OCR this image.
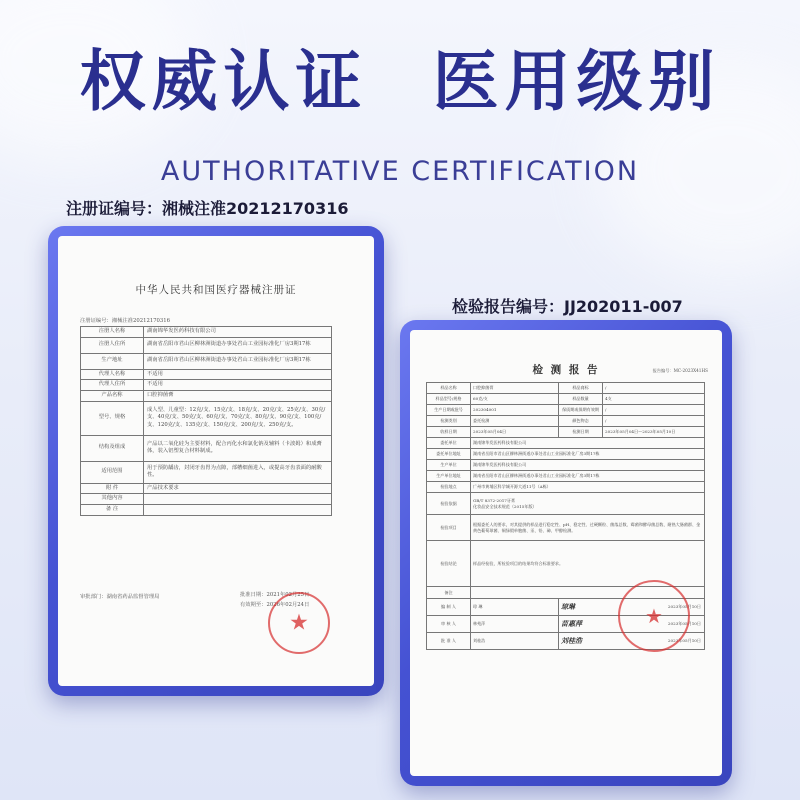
权威认证 医用级别
AUTHORITATIVE CERTIFICATION
注册证编号：湘械注准20212170316
检验报告编号：JJ202011-007
中华人民共和国医疗器械注册证
注册证编号：湘械注准20212170316
注册人名称	湖南锦华发医药科技有限公司
注册人住所	湖南省岳阳市君山区柳林洲街道办事处君山工业园标准化厂房3期17栋
生产地址	湖南省岳阳市君山区柳林洲街道办事处君山工业园标准化厂房3期17栋
代理人名称	不适用
代理人住所	不适用
产品名称	口腔抑菌膏
型号、规格	成人型、儿童型：12克/支、15克/支、18克/支、20克/支、25克/支、30克/支、40克/支、50克/支、60克/支、70克/支、80克/支、90克/支、100克/支、120克/支、135克/支、150克/支、200克/支、250克/支。
结构及组成	产品以二氧化硅为主要材料，配合丙化水和氯化钠及辅料（卡波姆）和成膏体，装入铝塑复合材料制成。
适用范围	用于预防龋齿，封闭牙齿胃为点隙，部槽细菌进入，或提高牙齿表面的耐酸性。
附 件	产品技术要求
其他内容	
备 注	
审批部门：湖南省药品监督管理局	批准日期：2021年02月25日
有效期至：2026年02月24日
★
检 测 报 告	报告编号：MC-2023X41HS
样品名称	口腔抑菌膏	样品商标	/
样品型号/规格	60克/支	样品数量	4支
生产日期或批号	202304001	保质期或保期有效期	/
检测类别	委托检测	颜色物态	/
收样日期	2023年05月04日	检测日期	2023年05月04日～2023年05月10日
委托单位	湖南锦华发医药科技有限公司		
委托单位地址	湖南省岳阳市君山区柳林洲街道办事处君山工业园标准化厂房3期17栋		
生产单位	湖南锦华发医药科技有限公司		
生产单位地址	湖南省岳阳市君山区柳林洲街道办事处君山工业园标准化厂房3期17栋		
检验地点	广州市黄埔区科学城开源大道11号（A栋）		
检验依据	GB/T 8372-2017牙膏
化妆品安全技术规范（2015年版）		
检验项目	根据委托人的要求，对其提供的样品进行稳定性、pH、稳定性、过硬颗粒、菌落总数、霉菌和酵母菌总数、耐热大肠菌群、金黄色葡萄球菌、铜绿假单胞菌、汞、铅、砷、甲醇检测。		
检验结论	样品经检验，所检验项目的结果均符合标准要求。		
备注			
编 制 人	琼 琳	琼琳 2023年05月10日	

审 核 人	林苑萍	苗惠萍 2023年05月10日	

批 准 人	刘桂浩	刘桂浩 2023年05月10日	
★
